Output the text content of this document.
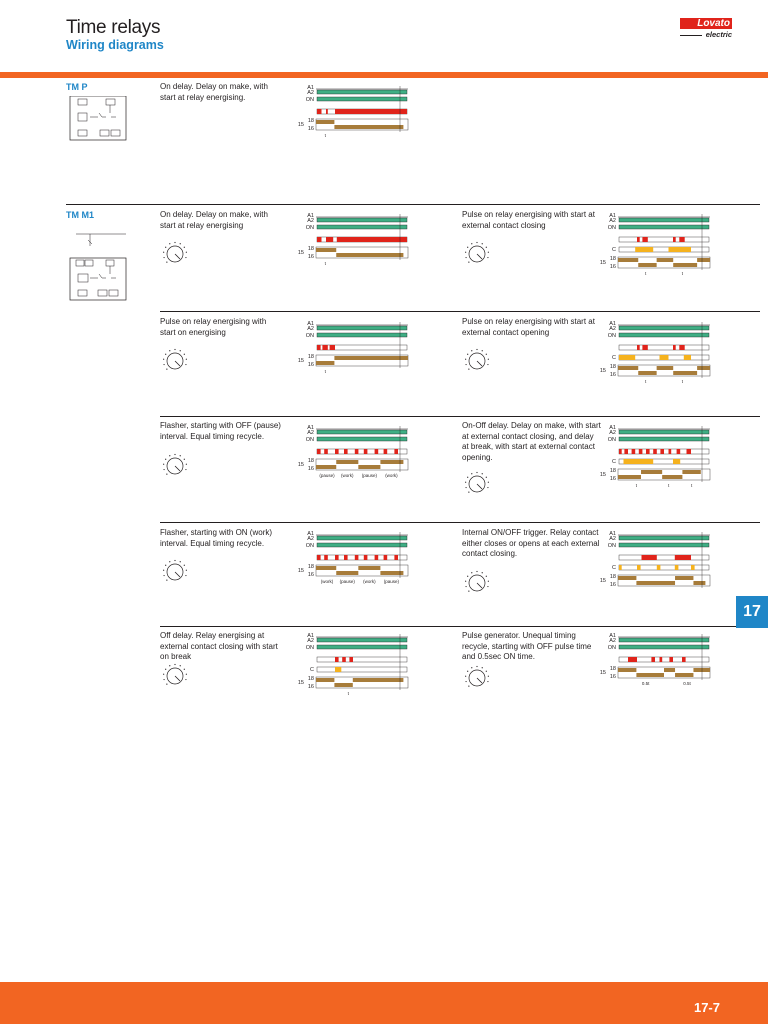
Time relays
Wiring diagrams
Lovato
electric
TM P	On delay. Delay on make, with start at relay energising.
TM M1	On delay. Delay on make, with start at relay energising
Pulse on relay energising with start at external contact closing
Pulse on relay energising with start on energising
Pulse on relay energising with start at external contact opening
Flasher, starting with OFF (pause) interval. Equal timing recycle.
On-Off delay. Delay on make, with start at external contact closing, and delay at break, with start at external contact opening.
Flasher, starting with ON (work) interval. Equal timing recycle.
Internal ON/OFF trigger. Relay contact either closes or opens at each external contact closing.
Off delay. Relay energising at external contact closing with start on break
Pulse generator. Unequal timing recycle, starting with OFF pulse time and 0.5sec ON time.
A1
A2
ON
18
15
16
t
A1
A2
ON
18
15
16
t
A1
A2
ON
C
18
15
16
t	t
A1
A2
ON
18
15
16
t
A1
A2
ON
C
18
15
16
t	t
A1
A2
ON
18
15
16
(pause) (work) (pause) (work)
A1
A2
ON
C
18
15
16
t	t	t
A1
A2
ON
18
15
16
(work) (pause) (work) (pause)
A1
A2
ON
C
18
15
16
A1
A2
ON
C
18
15
16
t
A1
A2
ON
18
15
16
0.5t	0.5t
17
17-7
